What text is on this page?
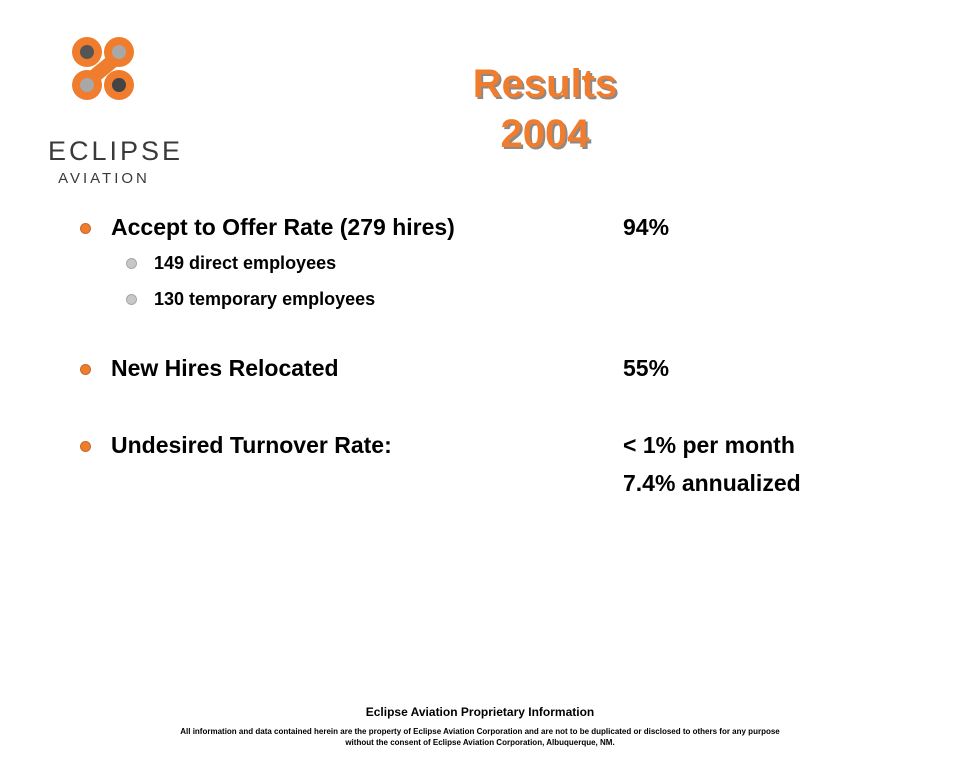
ECLIPSE
AVIATION
Results
2004
Accept to Offer Rate (279 hires)	94%
149 direct employees
130 temporary employees
New Hires Relocated	55%
Undesired Turnover Rate:	< 1% per month
7.4% annualized
Eclipse Aviation Proprietary Information
All information and data contained herein are the property of Eclipse Aviation Corporation and are not to be duplicated or disclosed to others for any purpose without the consent of Eclipse Aviation Corporation, Albuquerque, NM.
